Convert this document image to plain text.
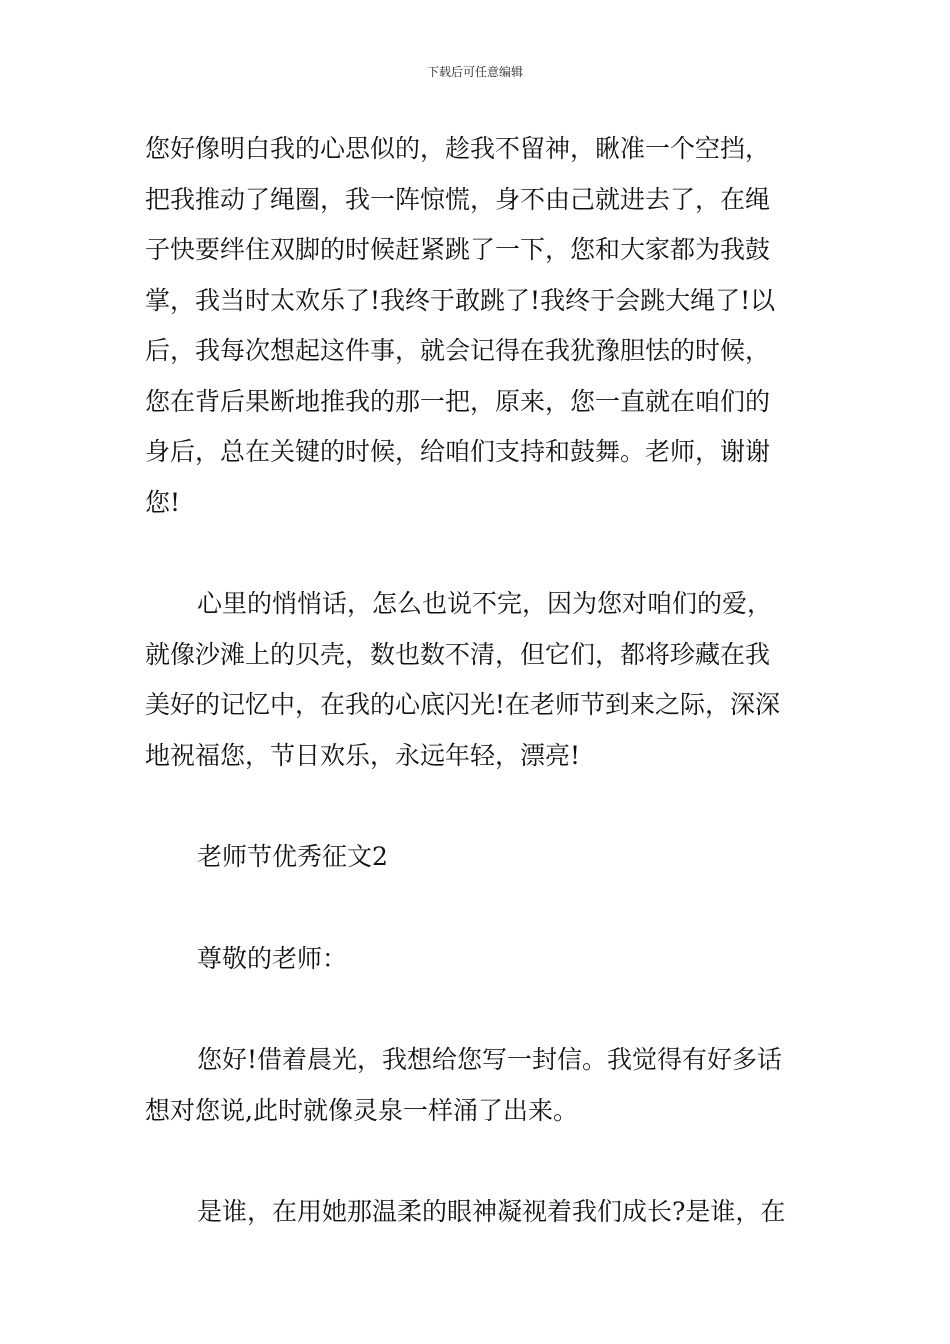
下载后可任意编辑

您好像明白我的心思似的，趁我不留神，瞅准一个空挡，
把我推动了绳圈，我一阵惊慌，身不由己就进去了，在绳
子快要绊住双脚的时候赶紧跳了一下，您和大家都为我鼓
掌，我当时太欢乐了!我终于敢跳了!我终于会跳大绳了!以
后，我每次想起这件事，就会记得在我犹豫胆怯的时候，
您在背后果断地推我的那一把，原来，您一直就在咱们的
身后，总在关键的时候，给咱们支持和鼓舞。老师，谢谢
您!

心里的悄悄话，怎么也说不完，因为您对咱们的爱，
就像沙滩上的贝壳，数也数不清，但它们，都将珍藏在我
美好的记忆中，在我的心底闪光!在老师节到来之际，深深
地祝福您，节日欢乐，永远年轻，漂亮!

老师节优秀征文2

尊敬的老师：

您好!借着晨光，我想给您写一封信。我觉得有好多话
想对您说,此时就像灵泉一样涌了出来。

是谁，在用她那温柔的眼神凝视着我们成长?是谁，在
